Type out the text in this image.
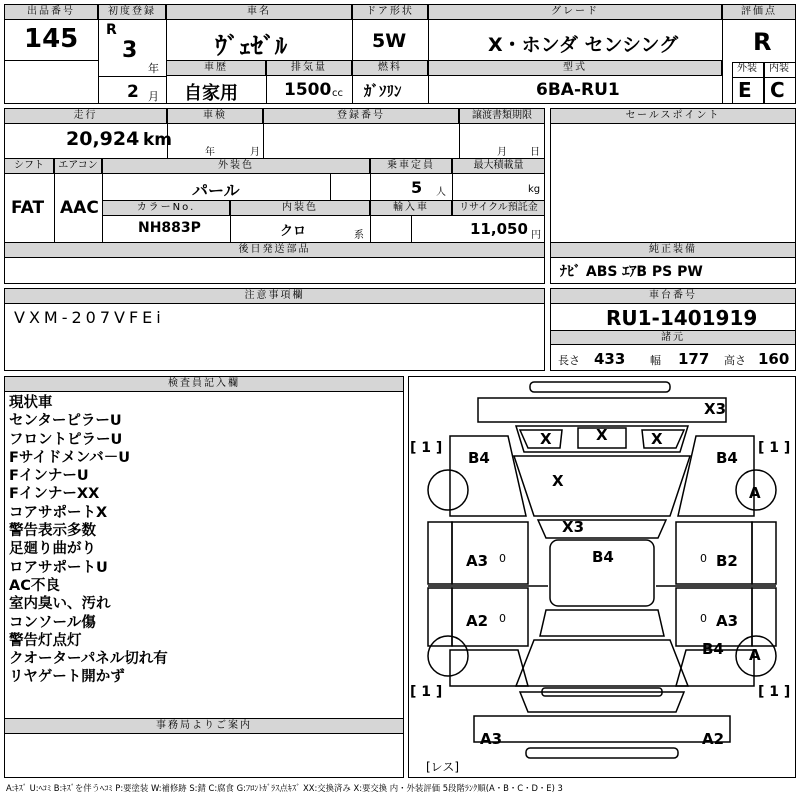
出品番号
145
初度登録
R
3
年
2 月
車名
ｳﾞｪｾﾞﾙ
ドア形状
5W
グレード
X・ホンダ センシング
評価点
R
車歴
自家用
排気量
1500 cc
燃料
ｶﾞｿﾘﾝ
型式
6BA-RU1
外装	内装
E C
走行
20,924 km
車検
年	月
登録番号	譲渡書類期限
月 日
シフト
FAT
エアコン
AAC
外装色
パール
乗車定員
5 人
最大積載量
kg
カラーNo.
NH883P
内装色
クロ	系
輸入車	リサイクル預託金
11,050 円
後日発送部品
セールスポイント
純正装備
ﾅﾋﾞ ABS ｴｱB PS PW
注意事項欄
VXM-207VFEi
車台番号
RU1-1401919
諸元
長さ 433 幅 177 高さ 160
検査員記入欄
現状車
センターピラーU
フロントピラーU
Fサイドメンバ－U
FインナーU
FインナーXX
コアサポートX
警告表示多数
足廻り曲がり
ロアサポートU
AC不良
室内臭い、汚れ
コンソール傷
警告灯点灯
クオーターパネル切れ有
リヤゲート開かず
事務局よりご案内
[ 1 ]	[ 1 ]
[ 1 ]	[ 1 ]
[レス]
X3
X	X	X
B4	B4
A
X
X3
B4
A3	B2
A2	A3
B4 A
A3	A2
0	0
0	0
A:ｷｽﾞ U:ﾍｺﾐ B:ｷｽﾞを伴うﾍｺﾐ P:要塗装 W:補修跡 S:錆 C:腐食 G:ﾌﾛﾝﾄｶﾞﾗｽ点ｷｽﾞ XX:交換済み X:要交換 内・外装評価 5段階ﾗﾝｸ順(A・B・C・D・E) 3
